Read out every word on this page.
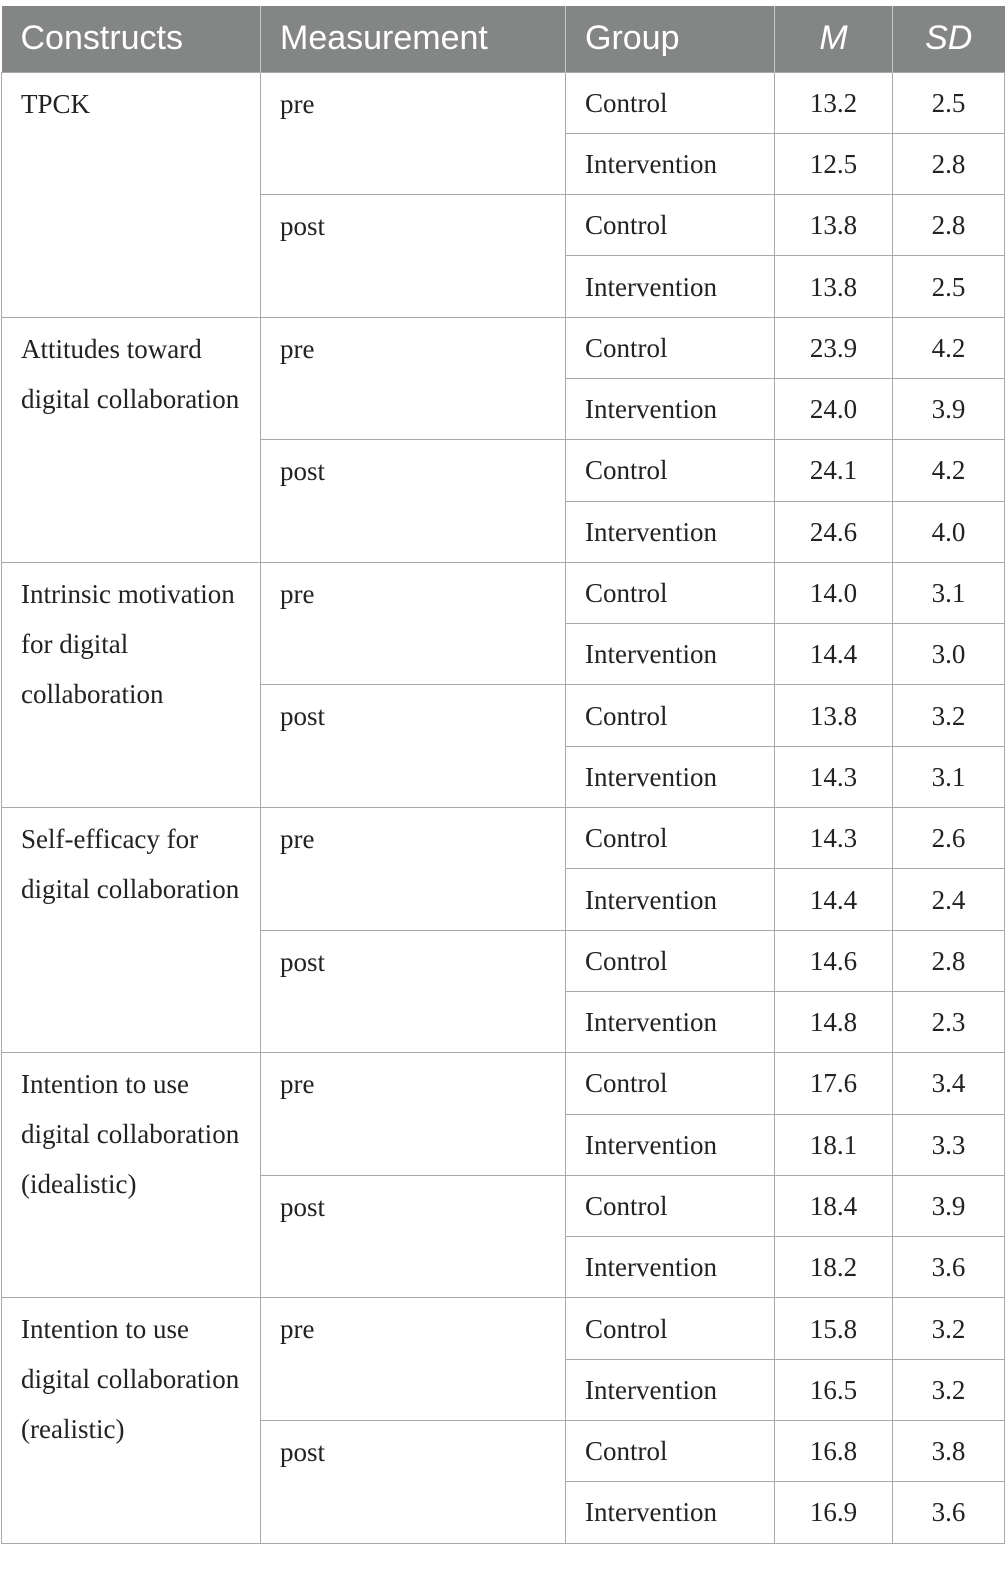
Constructs	Measurement	Group	M	SD
TPCK	pre	Control	13.2	2.5
		Intervention	12.5	2.8
	post	Control	13.8	2.8
		Intervention	13.8	2.5
Attitudes toward digital collaboration	pre	Control	23.9	4.2
		Intervention	24.0	3.9
	post	Control	24.1	4.2
		Intervention	24.6	4.0
Intrinsic motivation for digital collaboration	pre	Control	14.0	3.1
		Intervention	14.4	3.0
	post	Control	13.8	3.2
		Intervention	14.3	3.1
Self-efficacy for digital collaboration	pre	Control	14.3	2.6
		Intervention	14.4	2.4
	post	Control	14.6	2.8
		Intervention	14.8	2.3
Intention to use digital collaboration (idealistic)	pre	Control	17.6	3.4
		Intervention	18.1	3.3
	post	Control	18.4	3.9
		Intervention	18.2	3.6
Intention to use digital collaboration (realistic)	pre	Control	15.8	3.2
		Intervention	16.5	3.2
	post	Control	16.8	3.8
		Intervention	16.9	3.6
